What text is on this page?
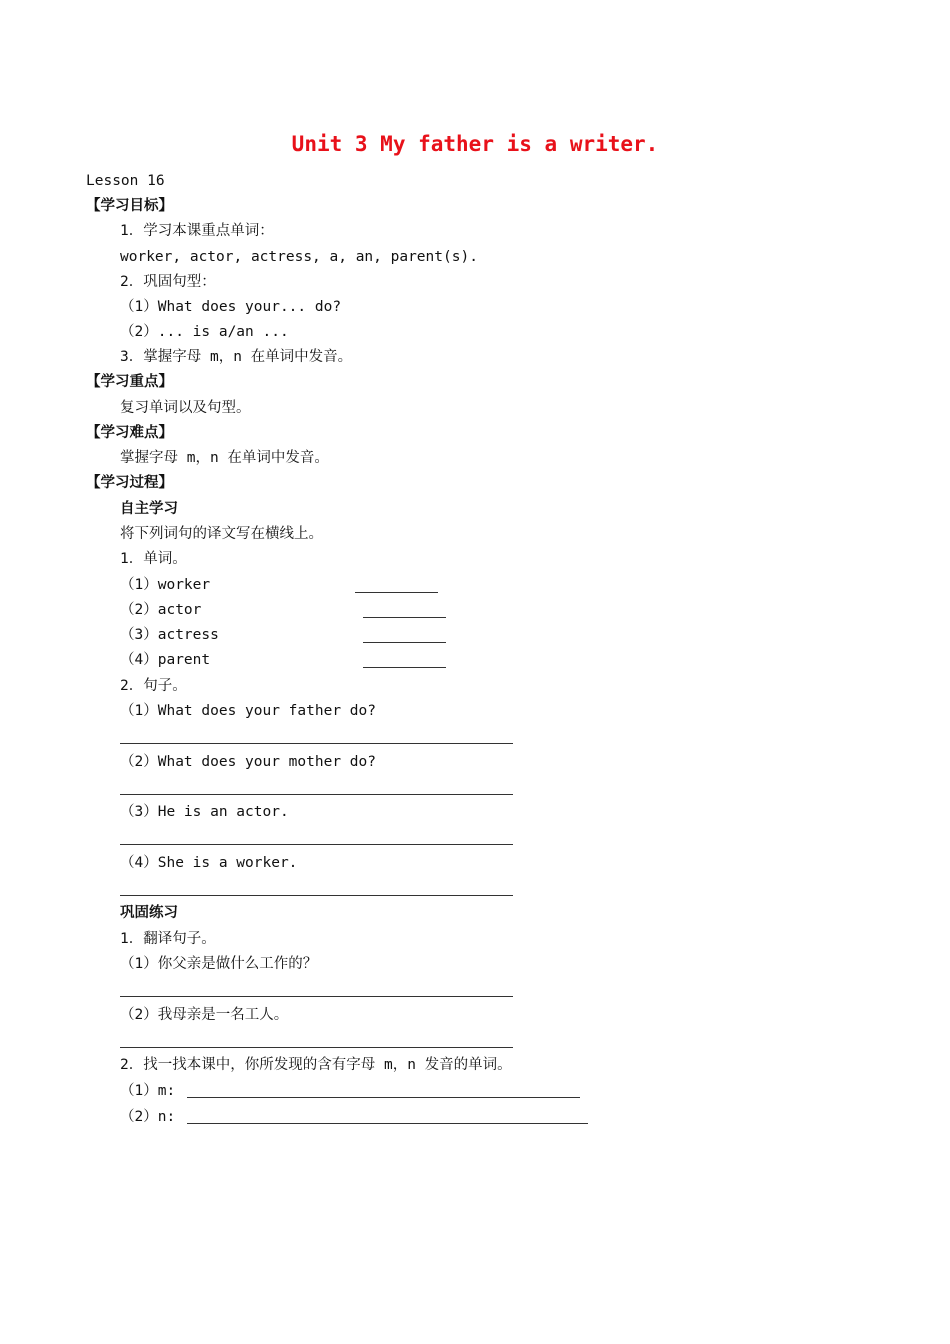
Unit 3 My father is a writer.
Lesson 16
【学习目标】
1．学习本课重点单词：
worker, actor, actress, a, an, parent(s).
2．巩固句型：
（1）What does your... do?
（2）... is a/an ...
3．掌握字母 m，n 在单词中发音。
【学习重点】
复习单词以及句型。
【学习难点】
掌握字母 m，n 在单词中发音。
【学习过程】
自主学习
将下列词句的译文写在横线上。
1．单词。
（1）worker
（2）actor
（3）actress
（4）parent
2．句子。
（1）What does your father do?
（2）What does your mother do?
（3）He is an actor.
（4）She is a worker.
巩固练习
1．翻译句子。
（1）你父亲是做什么工作的？
（2）我母亲是一名工人。
2．找一找本课中，你所发现的含有字母 m，n 发音的单词。
（1）m:
（2）n:
